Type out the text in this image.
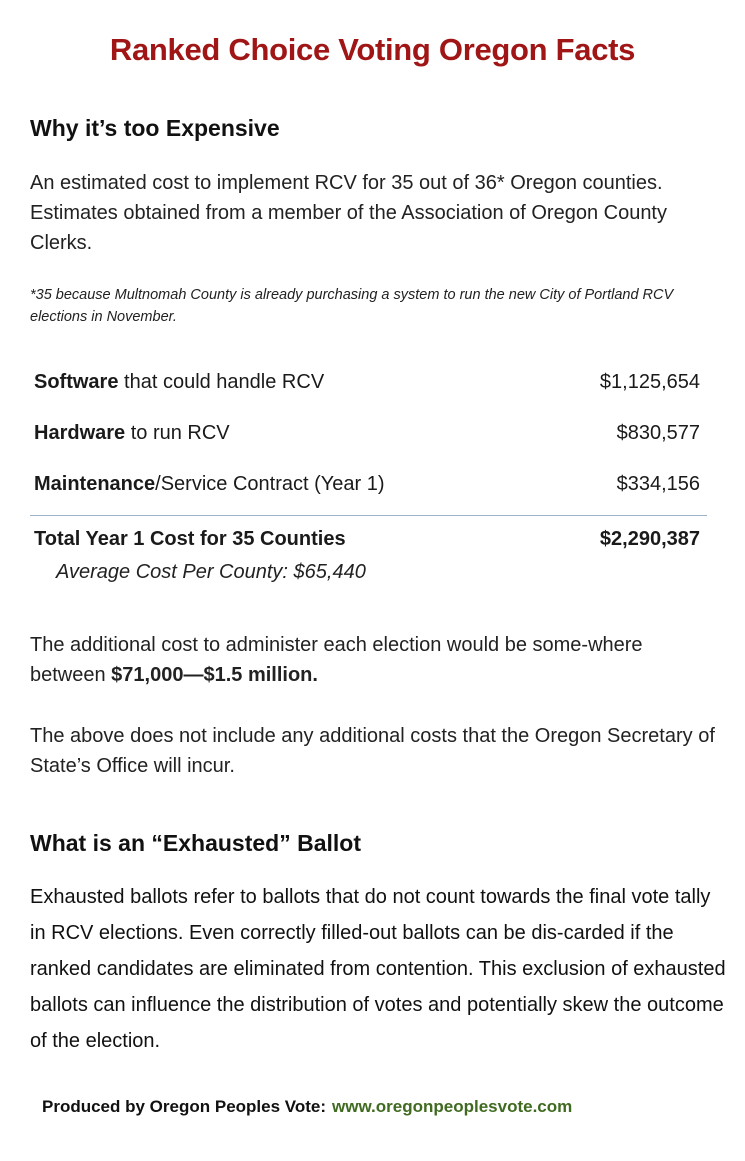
Ranked Choice Voting Oregon Facts
Why it’s too Expensive
An estimated cost to implement RCV for 35 out of 36* Oregon counties. Estimates obtained from a member of the Association of Oregon County Clerks.
*35 because Multnomah County is already purchasing a system to run the new City of Portland RCV elections in November.
Software that could handle RCV	$1,125,654
Hardware to run RCV	$830,577
Maintenance/Service Contract (Year 1)	$334,156
Total Year 1 Cost for 35 Counties	$2,290,387
Average Cost Per County: $65,440
The additional cost to administer each election would be some-where between $71,000—$1.5 million.
The above does not include any additional costs that the Oregon Secretary of State’s Office will incur.
What is an “Exhausted” Ballot
Exhausted ballots refer to ballots that do not count towards the final vote tally in RCV elections. Even correctly filled-out ballots can be dis-carded if the ranked candidates are eliminated from contention. This exclusion of exhausted ballots can influence the distribution of votes and potentially skew the outcome of the election.
Produced by Oregon Peoples Vote: www.oregonpeoplesvote.com
